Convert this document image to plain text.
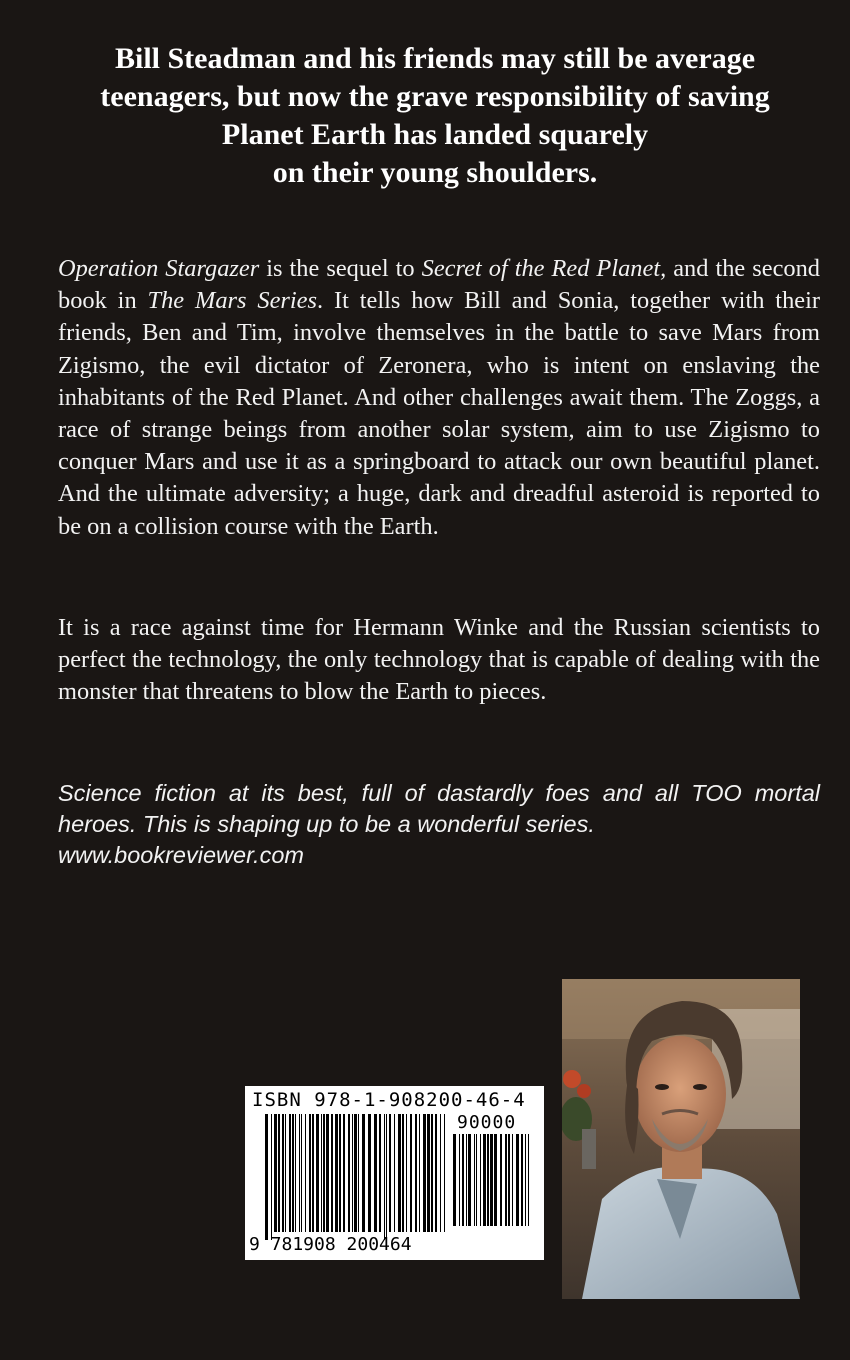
Bill Steadman and his friends may still be average
teenagers, but now the grave responsibility of saving
Planet Earth has landed squarely
on their young shoulders.
Operation Stargazer is the sequel to Secret of the Red Planet, and the second book in The Mars Series. It tells how Bill and Sonia, together with their friends, Ben and Tim, involve themselves in the battle to save Mars from Zigismo, the evil dictator of Zeronera, who is intent on enslaving the inhabitants of the Red Planet. And other challenges await them. The Zoggs, a race of strange beings from another solar system, aim to use Zigismo to conquer Mars and use it as a springboard to attack our own beautiful planet. And the ultimate adversity; a huge, dark and dreadful asteroid is reported to be on a collision course with the Earth.
It is a race against time for Hermann Winke and the Russian scientists to perfect the technology, the only technology that is capable of dealing with the monster that threatens to blow the Earth to pieces.
Science fiction at its best, full of dastardly foes and all TOO mortal heroes. This is shaping up to be a wonderful series.
www.bookreviewer.com
ISBN 978-1-908200-46-4
90000
9 781908 200464
